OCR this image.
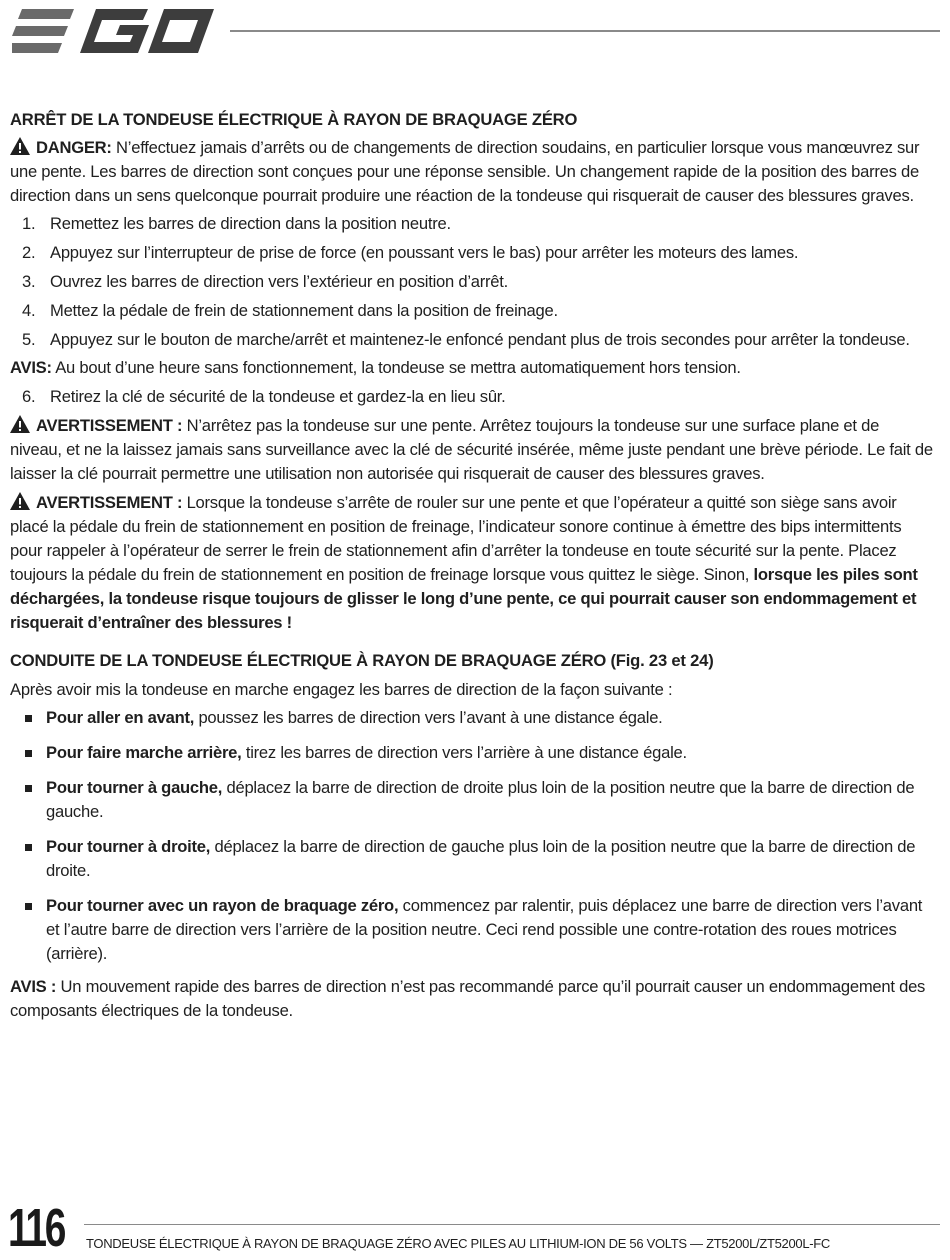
ARRÊT DE LA TONDEUSE ÉLECTRIQUE À RAYON DE BRAQUAGE ZÉRO

DANGER: N’effectuez jamais d’arrêts ou de changements de direction soudains, en particulier lorsque vous manœuvrez sur une pente. Les barres de direction sont conçues pour une réponse sensible. Un changement rapide de la position des barres de direction dans un sens quelconque pourrait produire une réaction de la tondeuse qui risquerait de causer des blessures graves.

1. Remettez les barres de direction dans la position neutre.
2. Appuyez sur l’interrupteur de prise de force (en poussant vers le bas) pour arrêter les moteurs des lames.
3. Ouvrez les barres de direction vers l’extérieur en position d’arrêt.
4. Mettez la pédale de frein de stationnement dans la position de freinage.
5. Appuyez sur le bouton de marche/arrêt et maintenez-le enfoncé pendant plus de trois secondes pour arrêter la tondeuse.

AVIS: Au bout d’une heure sans fonctionnement, la tondeuse se mettra automatiquement hors tension.

6. Retirez la clé de sécurité de la tondeuse et gardez-la en lieu sûr.

AVERTISSEMENT : N’arrêtez pas la tondeuse sur une pente. Arrêtez toujours la tondeuse sur une surface plane et de niveau, et ne la laissez jamais sans surveillance avec la clé de sécurité insérée, même juste pendant une brève période. Le fait de laisser la clé pourrait permettre une utilisation non autorisée qui risquerait de causer des blessures graves.

AVERTISSEMENT : Lorsque la tondeuse s’arrête de rouler sur une pente et que l’opérateur a quitté son siège sans avoir placé la pédale du frein de stationnement en position de freinage, l’indicateur sonore continue à émettre des bips intermittents pour rappeler à l’opérateur de serrer le frein de stationnement afin d’arrêter la tondeuse en toute sécurité sur la pente. Placez toujours la pédale du frein de stationnement en position de freinage lorsque vous quittez le siège. Sinon, lorsque les piles sont déchargées, la tondeuse risque toujours de glisser le long d’une pente, ce qui pourrait causer son endommagement et risquerait d’entraîner des blessures !

CONDUITE DE LA TONDEUSE ÉLECTRIQUE À RAYON DE BRAQUAGE ZÉRO (Fig. 23 et 24)

Après avoir mis la tondeuse en marche engagez les barres de direction de la façon suivante :

Pour aller en avant, poussez les barres de direction vers l’avant à une distance égale.
Pour faire marche arrière, tirez les barres de direction vers l’arrière à une distance égale.
Pour tourner à gauche, déplacez la barre de direction de droite plus loin de la position neutre que la barre de direction de gauche.
Pour tourner à droite, déplacez la barre de direction de gauche plus loin de la position neutre que la barre de direction de droite.
Pour tourner avec un rayon de braquage zéro, commencez par ralentir, puis déplacez une barre de direction vers l’avant et l’autre barre de direction vers l’arrière de la position neutre. Ceci rend possible une contre-rotation des roues motrices (arrière).

AVIS : Un mouvement rapide des barres de direction n’est pas recommandé parce qu’il pourrait causer un endommagement des composants électriques de la tondeuse.

116 TONDEUSE ÉLECTRIQUE À RAYON DE BRAQUAGE ZÉRO AVEC PILES AU LITHIUM-ION DE 56 VOLTS — ZT5200L/ZT5200L-FC
